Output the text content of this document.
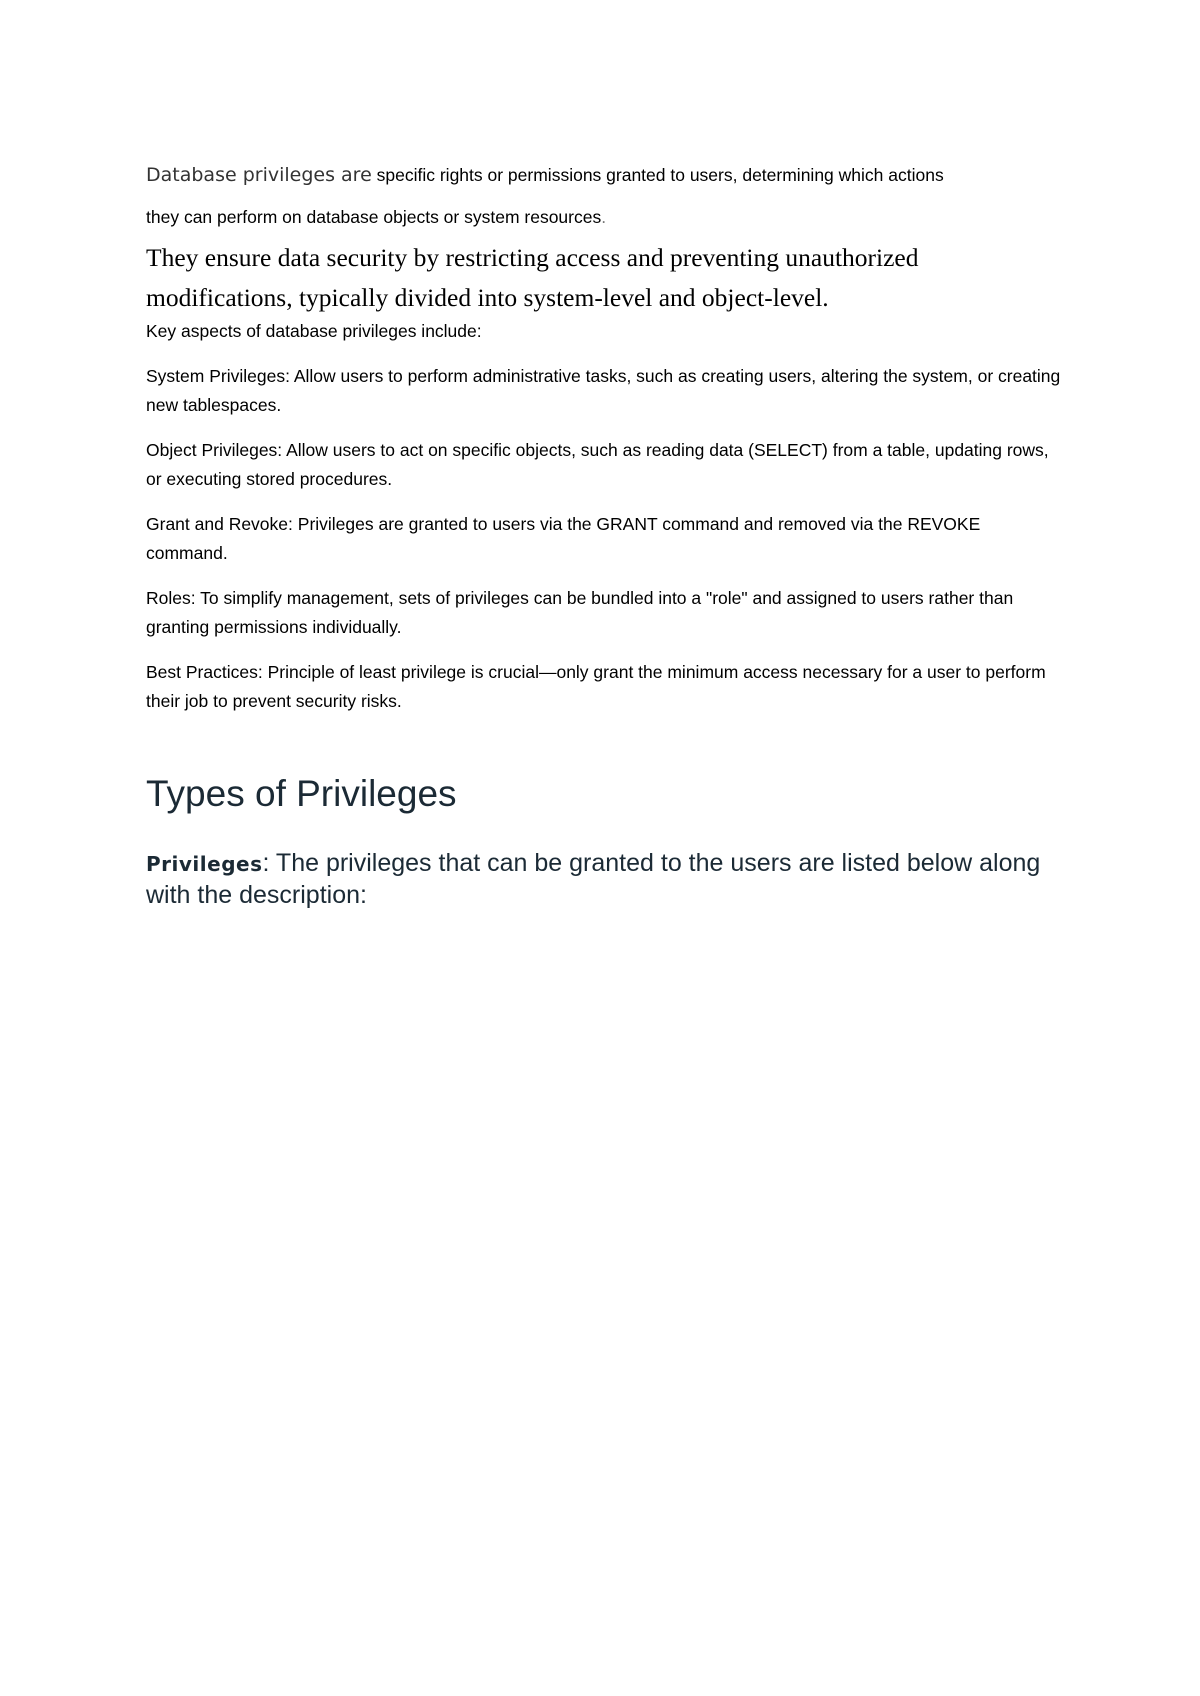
Database privileges are specific rights or permissions granted to users, determining which actions

they can perform on database objects or system resources.

They ensure data security by restricting access and preventing unauthorized modifications, typically divided into system-level and object-level.

Key aspects of database privileges include:

System Privileges: Allow users to perform administrative tasks, such as creating users, altering the system, or creating new tablespaces.

Object Privileges: Allow users to act on specific objects, such as reading data (SELECT) from a table, updating rows, or executing stored procedures.

Grant and Revoke: Privileges are granted to users via the GRANT command and removed via the REVOKE command.

Roles: To simplify management, sets of privileges can be bundled into a "role" and assigned to users rather than granting permissions individually.

Best Practices: Principle of least privilege is crucial—only grant the minimum access necessary for a user to perform their job to prevent security risks.

Types of Privileges

Privileges: The privileges that can be granted to the users are listed below along with the description:
